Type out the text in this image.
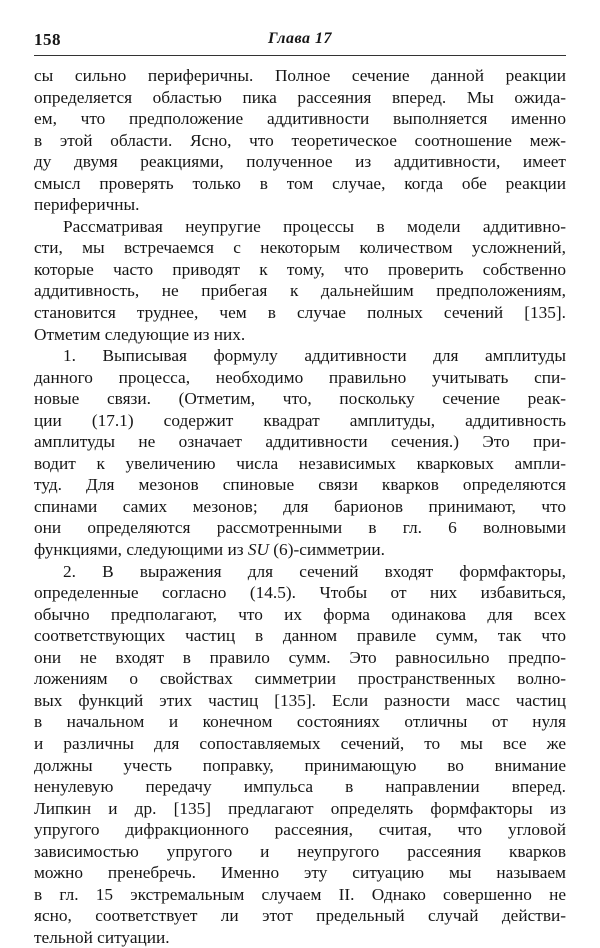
158	Глава 17
сы сильно периферичны. Полное сечение данной реакции
определяется областью пика рассеяния вперед. Мы ожида-
ем, что предположение аддитивности выполняется именно
в этой области. Ясно, что теоретическое соотношение меж-
ду двумя реакциями, полученное из аддитивности, имеет
смысл проверять только в том случае, когда обе реакции
периферичны.
Рассматривая неупругие процессы в модели аддитивно-
сти, мы встречаемся с некоторым количеством усложнений,
которые часто приводят к тому, что проверить собственно
аддитивность, не прибегая к дальнейшим предположениям,
становится труднее, чем в случае полных сечений [135].
Отметим следующие из них.
1. Выписывая формулу аддитивности для амплитуды
данного процесса, необходимо правильно учитывать спи-
новые связи. (Отметим, что, поскольку сечение реак-
ции (17.1) содержит квадрат амплитуды, аддитивность
амплитуды не означает аддитивности сечения.) Это при-
водит к увеличению числа независимых кварковых ампли-
туд. Для мезонов спиновые связи кварков определяются
спинами самих мезонов; для барионов принимают, что
они определяются рассмотренными в гл. 6 волновыми
функциями, следующими из SU (6)-симметрии.
2. В выражения для сечений входят формфакторы,
определенные согласно (14.5). Чтобы от них избавиться,
обычно предполагают, что их форма одинакова для всех
соответствующих частиц в данном правиле сумм, так что
они не входят в правило сумм. Это равносильно предпо-
ложениям о свойствах симметрии пространственных волно-
вых функций этих частиц [135]. Если разности масс частиц
в начальном и конечном состояниях отличны от нуля
и различны для сопоставляемых сечений, то мы все же
должны учесть поправку, принимающую во внимание
ненулевую передачу импульса в направлении вперед.
Липкин и др. [135] предлагают определять формфакторы из
упругого дифракционного рассеяния, считая, что угловой
зависимостью упругого и неупругого рассеяния кварков
можно пренебречь. Именно эту ситуацию мы называем
в гл. 15 экстремальным случаем II. Однако совершенно не
ясно, соответствует ли этот предельный случай действи-
тельной ситуации.
